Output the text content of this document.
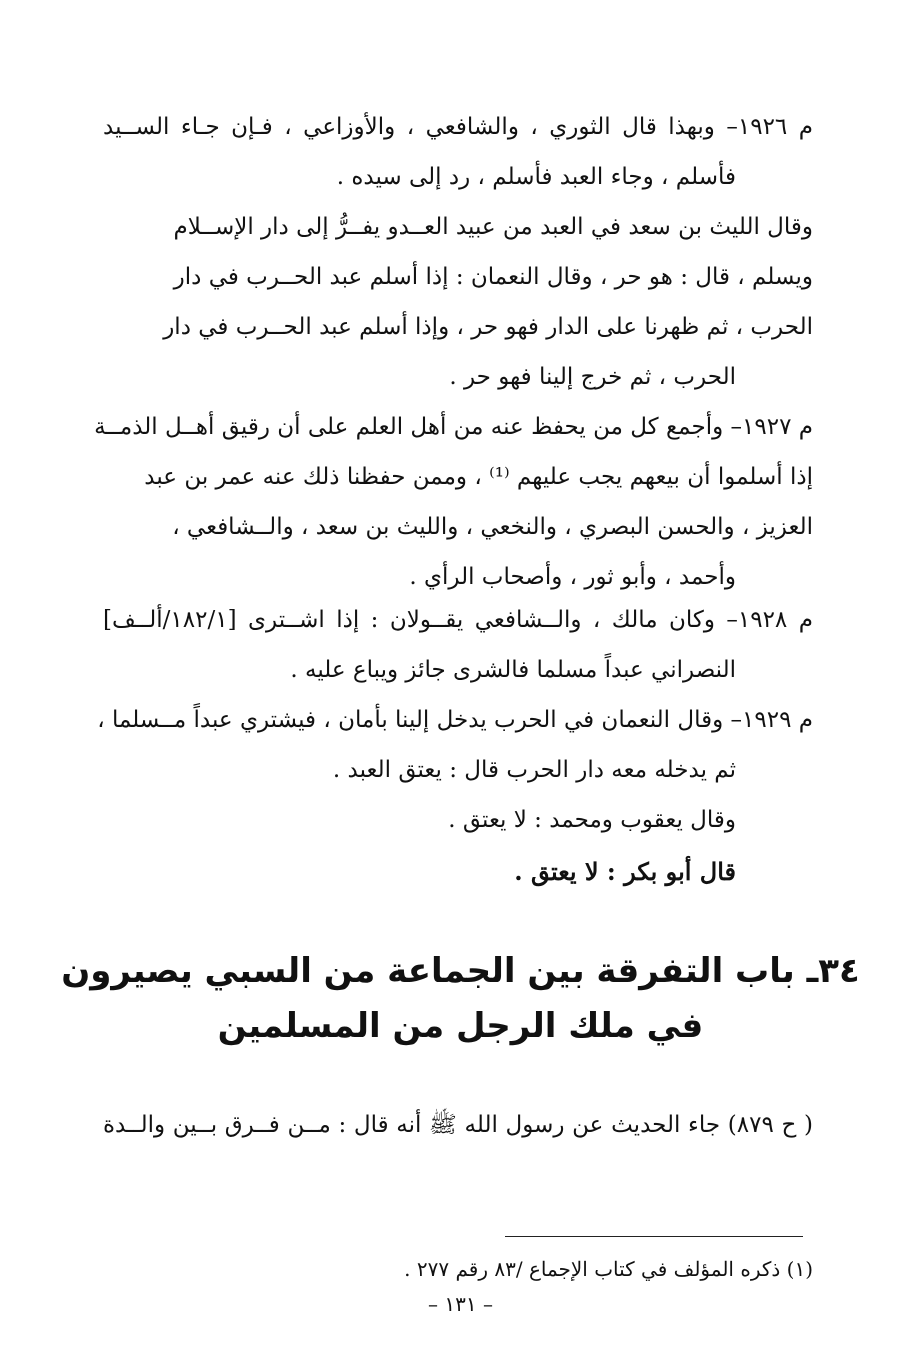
م ١٩٢٦– وبهذا قال الثوري ، والشافعي ، والأوزاعي ، فـإن جـاء الســيد
فأسلم ، وجاء العبد فأسلم ، رد إلى سيده .
وقال الليث بن سعد في العبد من عبيد العــدو يفــرُّ إلى دار الإســلام
ويسلم ، قال : هو حر ، وقال النعمان : إذا أسلم عبد الحــرب في دار
الحرب ، ثم ظهرنا على الدار فهو حر ، وإذا أسلم عبد الحــرب في دار
الحرب ، ثم خرج إلينا فهو حر .
م ١٩٢٧– وأجمع كل من يحفظ عنه من أهل العلم على أن رقيق أهــل الذمــة
إذا أسلموا أن بيعهم يجب عليهم ⁽¹⁾ ، وممن حفظنا ذلك عنه عمر بن عبد
العزيز ، والحسن البصري ، والنخعي ، والليث بن سعد ، والــشافعي ،
وأحمد ، وأبو ثور ، وأصحاب الرأي .
م ١٩٢٨– وكان مالك ، والــشافعي يقــولان : إذا اشــترى [١٨٢/١/ألــف]
النصراني عبداً مسلما فالشرى جائز ويباع عليه .
م ١٩٢٩– وقال النعمان في الحرب يدخل إلينا بأمان ، فيشتري عبداً مــسلما ،
ثم يدخله معه دار الحرب قال : يعتق العبد .
وقال يعقوب ومحمد : لا يعتق .
قال أبو بكر : لا يعتق .
٣٤ـ باب التفرقة بين الجماعة من السبي يصيرون
في ملك الرجل من المسلمين
( ح ٨٧٩) جاء الحديث عن رسول الله ﷺ أنه قال : مــن فــرق بــين والــدة
(١) ذكره المؤلف في كتاب الإجماع /٨٣ رقم ٢٧٧ .
– ١٣١ –
